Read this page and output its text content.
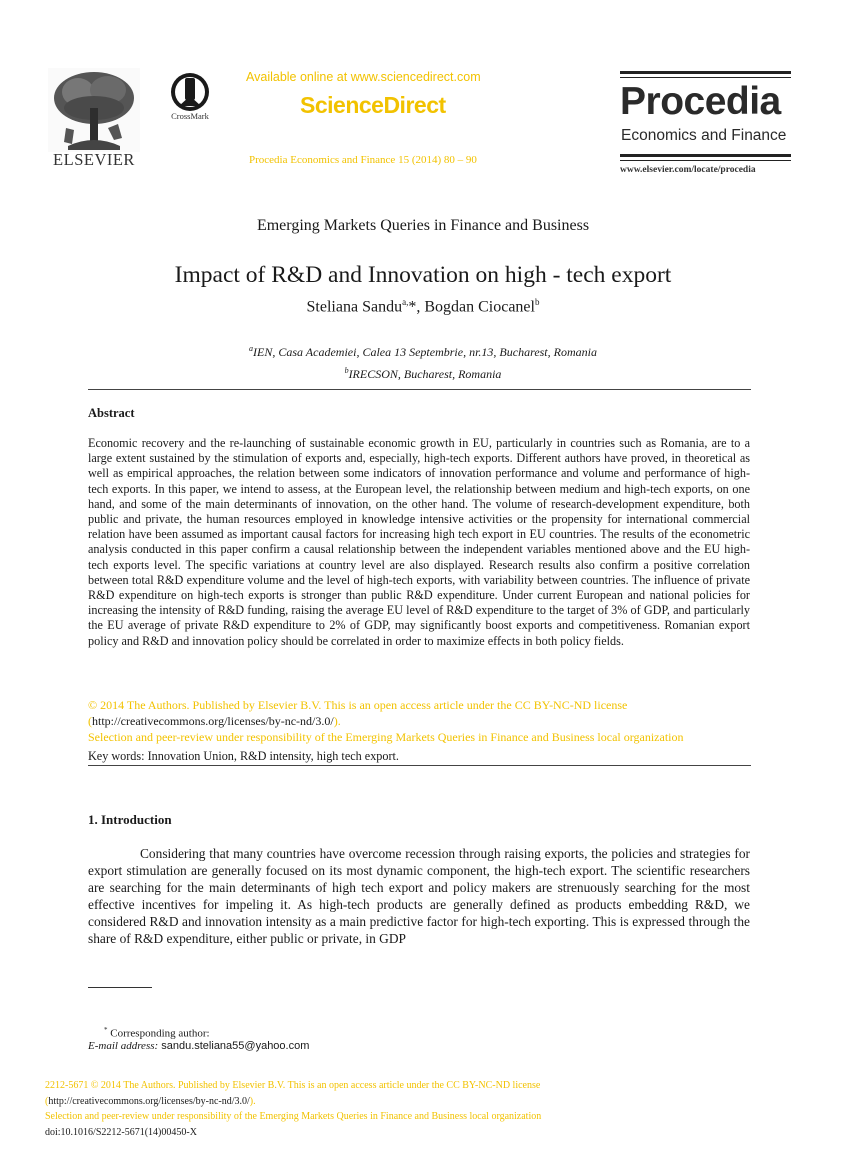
ELSEVIER
CrossMark
Available online at www.sciencedirect.com
ScienceDirect
Procedia Economics and Finance 15 (2014) 80 – 90
Procedia
Economics and Finance
www.elsevier.com/locate/procedia
Emerging Markets Queries in Finance and Business
Impact of R&D and Innovation on high - tech export
Steliana Sandu$^{a,}$*, Bogdan Ciocanel$^b$
$^a$IEN, Casa Academiei, Calea 13 Septembrie, nr.13, Bucharest, Romania
$^b$IRECSON, Bucharest, Romania
Abstract
Economic recovery and the re-launching of sustainable economic growth in EU, particularly in countries such as Romania, are to a large extent sustained by the stimulation of exports and, especially, high-tech exports. Different authors have proved, in theoretical as well as empirical approaches, the relation between some indicators of innovation performance and volume and performance of high-tech exports. In this paper, we intend to assess, at the European level, the relationship between medium and high-tech exports, on one hand, and some of the main determinants of innovation, on the other hand. The volume of research-development expenditure, both public and private, the human resources employed in knowledge intensive activities or the propensity for international commercial relation have been assumed as important causal factors for increasing high tech export in EU countries. The results of the econometric analysis conducted in this paper confirm a causal relationship between the independent variables mentioned above and the EU high-tech exports level. The specific variations at country level are also displayed. Research results also confirm a positive correlation between total R&D expenditure volume and the level of high-tech exports, with variability between countries. The influence of private R&D expenditure on high-tech exports is stronger than public R&D expenditure. Under current European and national policies for increasing the intensity of R&D funding, raising the average EU level of R&D expenditure to the target of 3% of GDP, and particularly the EU average of private R&D expenditure to 2% of GDP, may significantly boost exports and competitiveness. Romanian export policy and R&D and innovation policy should be correlated in order to maximize effects in both policy fields.
© 2014 The Authors. Published by Elsevier B.V. This is an open access article under the CC BY-NC-ND license
(http://creativecommons.org/licenses/by-nc-nd/3.0/).
Selection and peer-review under responsibility of the Emerging Markets Queries in Finance and Business local organization
Key words: Innovation Union, R&D intensity, high tech export.
1. Introduction
Considering that many countries have overcome recession through raising exports, the policies and strategies for export stimulation are generally focused on its most dynamic component, the high-tech export. The scientific researchers are searching for the main determinants of high tech export and policy makers are strenuously searching for the most effective incentives for impeling it. As high-tech products are generally defined as products embedding R&D, we considered R&D and innovation intensity as a main predictive factor for high-tech exporting. This is expressed through the share of R&D expenditure, either public or private, in GDP
* Corresponding author:
E-mail address: sandu.steliana55@yahoo.com
2212-5671 © 2014 The Authors. Published by Elsevier B.V. This is an open access article under the CC BY-NC-ND license
(http://creativecommons.org/licenses/by-nc-nd/3.0/).
Selection and peer-review under responsibility of the Emerging Markets Queries in Finance and Business local organization
doi:10.1016/S2212-5671(14)00450-X
